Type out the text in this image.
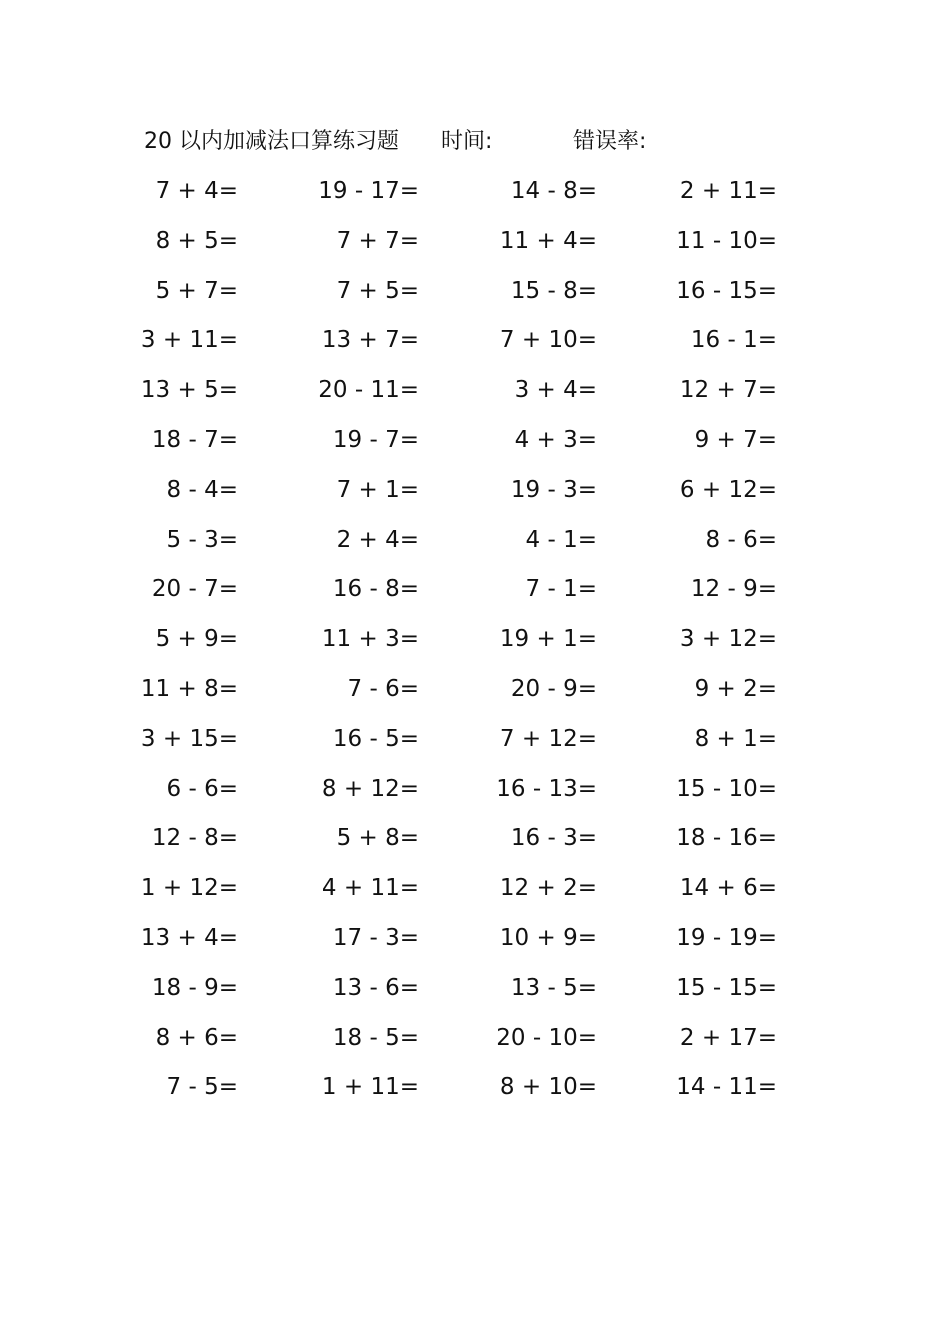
20 以内加减法口算练习题 时间:	错误率:
7 + 4=	19 - 17=	14 - 8=	2 + 11=
8 + 5=	7 + 7=	11 + 4=	11 - 10=
5 + 7=	7 + 5=	15 - 8=	16 - 15=
3 + 11=	13 + 7=	7 + 10=	16 - 1=
13 + 5=	20 - 11=	3 + 4=	12 + 7=
18 - 7=	19 - 7=	4 + 3=	9 + 7=
8 - 4=	7 + 1=	19 - 3=	6 + 12=
5 - 3=	2 + 4=	4 - 1=	8 - 6=
20 - 7=	16 - 8=	7 - 1=	12 - 9=
5 + 9=	11 + 3=	19 + 1=	3 + 12=
11 + 8=	7 - 6=	20 - 9=	9 + 2=
3 + 15=	16 - 5=	7 + 12=	8 + 1=
6 - 6=	8 + 12=	16 - 13=	15 - 10=
12 - 8=	5 + 8=	16 - 3=	18 - 16=
1 + 12=	4 + 11=	12 + 2=	14 + 6=
13 + 4=	17 - 3=	10 + 9=	19 - 19=
18 - 9=	13 - 6=	13 - 5=	15 - 15=
8 + 6=	18 - 5=	20 - 10=	2 + 17=
7 - 5=	1 + 11=	8 + 10=	14 - 11=
